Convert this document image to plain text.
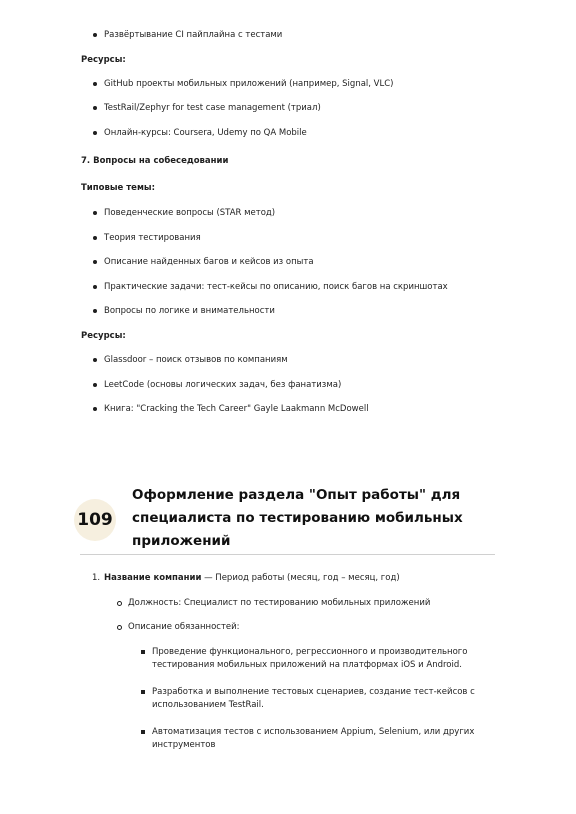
Развёртывание CI пайплайна с тестами
Ресурсы:
GitHub проекты мобильных приложений (например, Signal, VLC)
TestRail/Zephyr for test case management (триал)
Онлайн-курсы: Coursera, Udemy по QA Mobile
7. Вопросы на собеседовании
Типовые темы:
Поведенческие вопросы (STAR метод)
Теория тестирования
Описание найденных багов и кейсов из опыта
Практические задачи: тест-кейсы по описанию, поиск багов на скриншотах
Вопросы по логике и внимательности
Ресурсы:
Glassdoor – поиск отзывов по компаниям
LeetCode (основы логических задач, без фанатизма)
Книга: "Cracking the Tech Career" Gayle Laakmann McDowell
109
Оформление раздела "Опыт работы" для
специалиста по тестированию мобильных
приложений
1. Название компании — Период работы (месяц, год – месяц, год)
Должность: Специалист по тестированию мобильных приложений
Описание обязанностей:
Проведение функционального, регрессионного и производительного
тестирования мобильных приложений на платформах iOS и Android.
Разработка и выполнение тестовых сценариев, создание тест-кейсов с
использованием TestRail.
Автоматизация тестов с использованием Appium, Selenium, или других
инструментов
